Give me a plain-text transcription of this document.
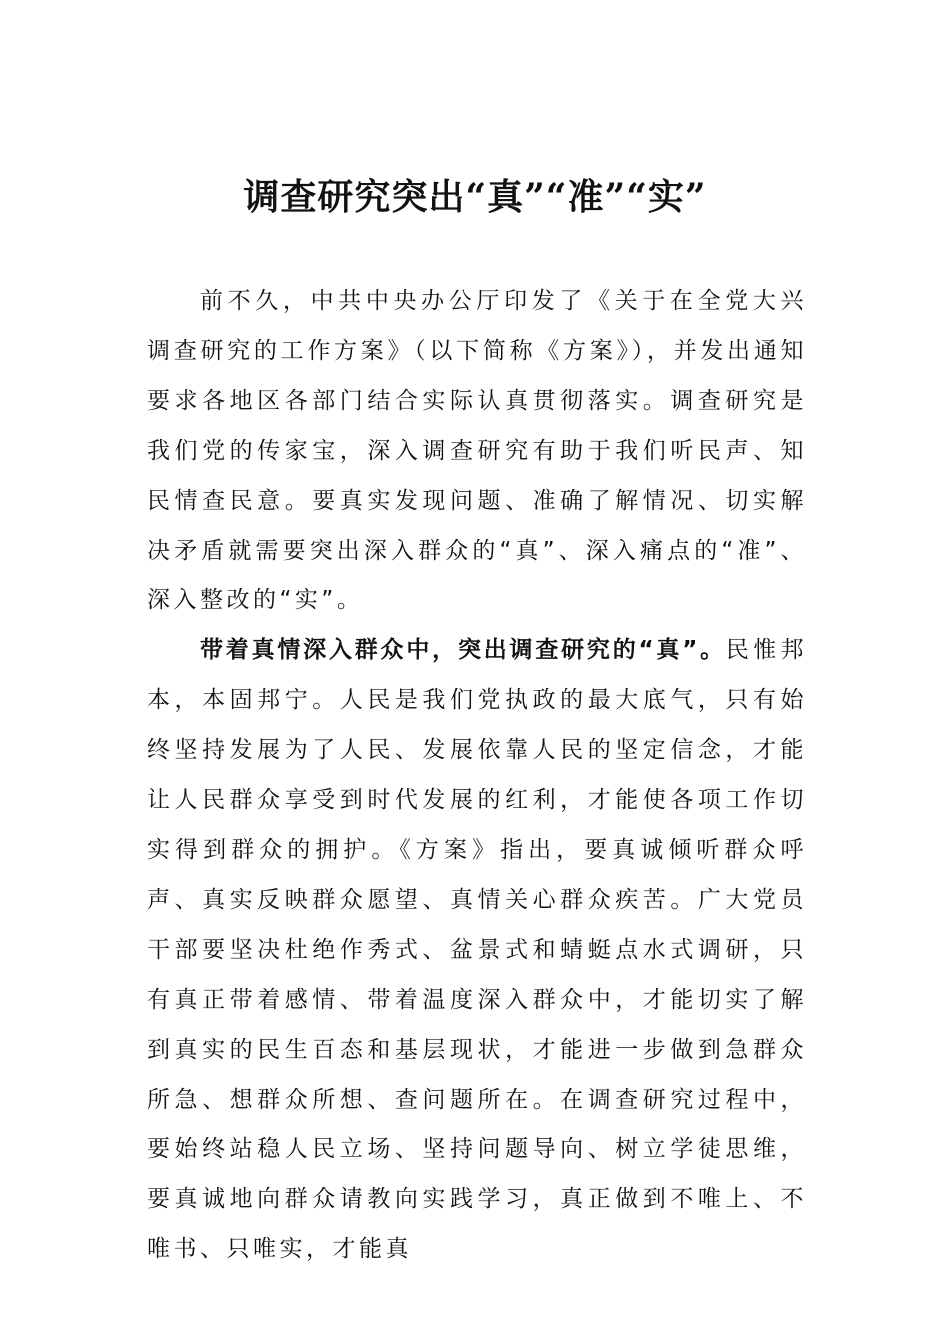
调查研究突出“真”“准”“实”

前不久，中共中央办公厅印发了《关于在全党大兴调查研究的工作方案》（以下简称《方案》），并发出通知要求各地区各部门结合实际认真贯彻落实。调查研究是我们党的传家宝，深入调查研究有助于我们听民声、知民情查民意。要真实发现问题、准确了解情况、切实解决矛盾就需要突出深入群众的“真”、深入痛点的“准”、深入整改的“实”。

带着真情深入群众中，突出调查研究的“真”。民惟邦本，本固邦宁。人民是我们党执政的最大底气，只有始终坚持发展为了人民、发展依靠人民的坚定信念，才能让人民群众享受到时代发展的红利，才能使各项工作切实得到群众的拥护。《方案》指出，要真诚倾听群众呼声、真实反映群众愿望、真情关心群众疾苦。广大党员干部要坚决杜绝作秀式、盆景式和蜻蜓点水式调研，只有真正带着感情、带着温度深入群众中，才能切实了解到真实的民生百态和基层现状，才能进一步做到急群众所急、想群众所想、查问题所在。在调查研究过程中，要始终站稳人民立场、坚持问题导向、树立学徒思维，要真诚地向群众请教向实践学习，真正做到不唯上、不唯书、只唯实，才能真
